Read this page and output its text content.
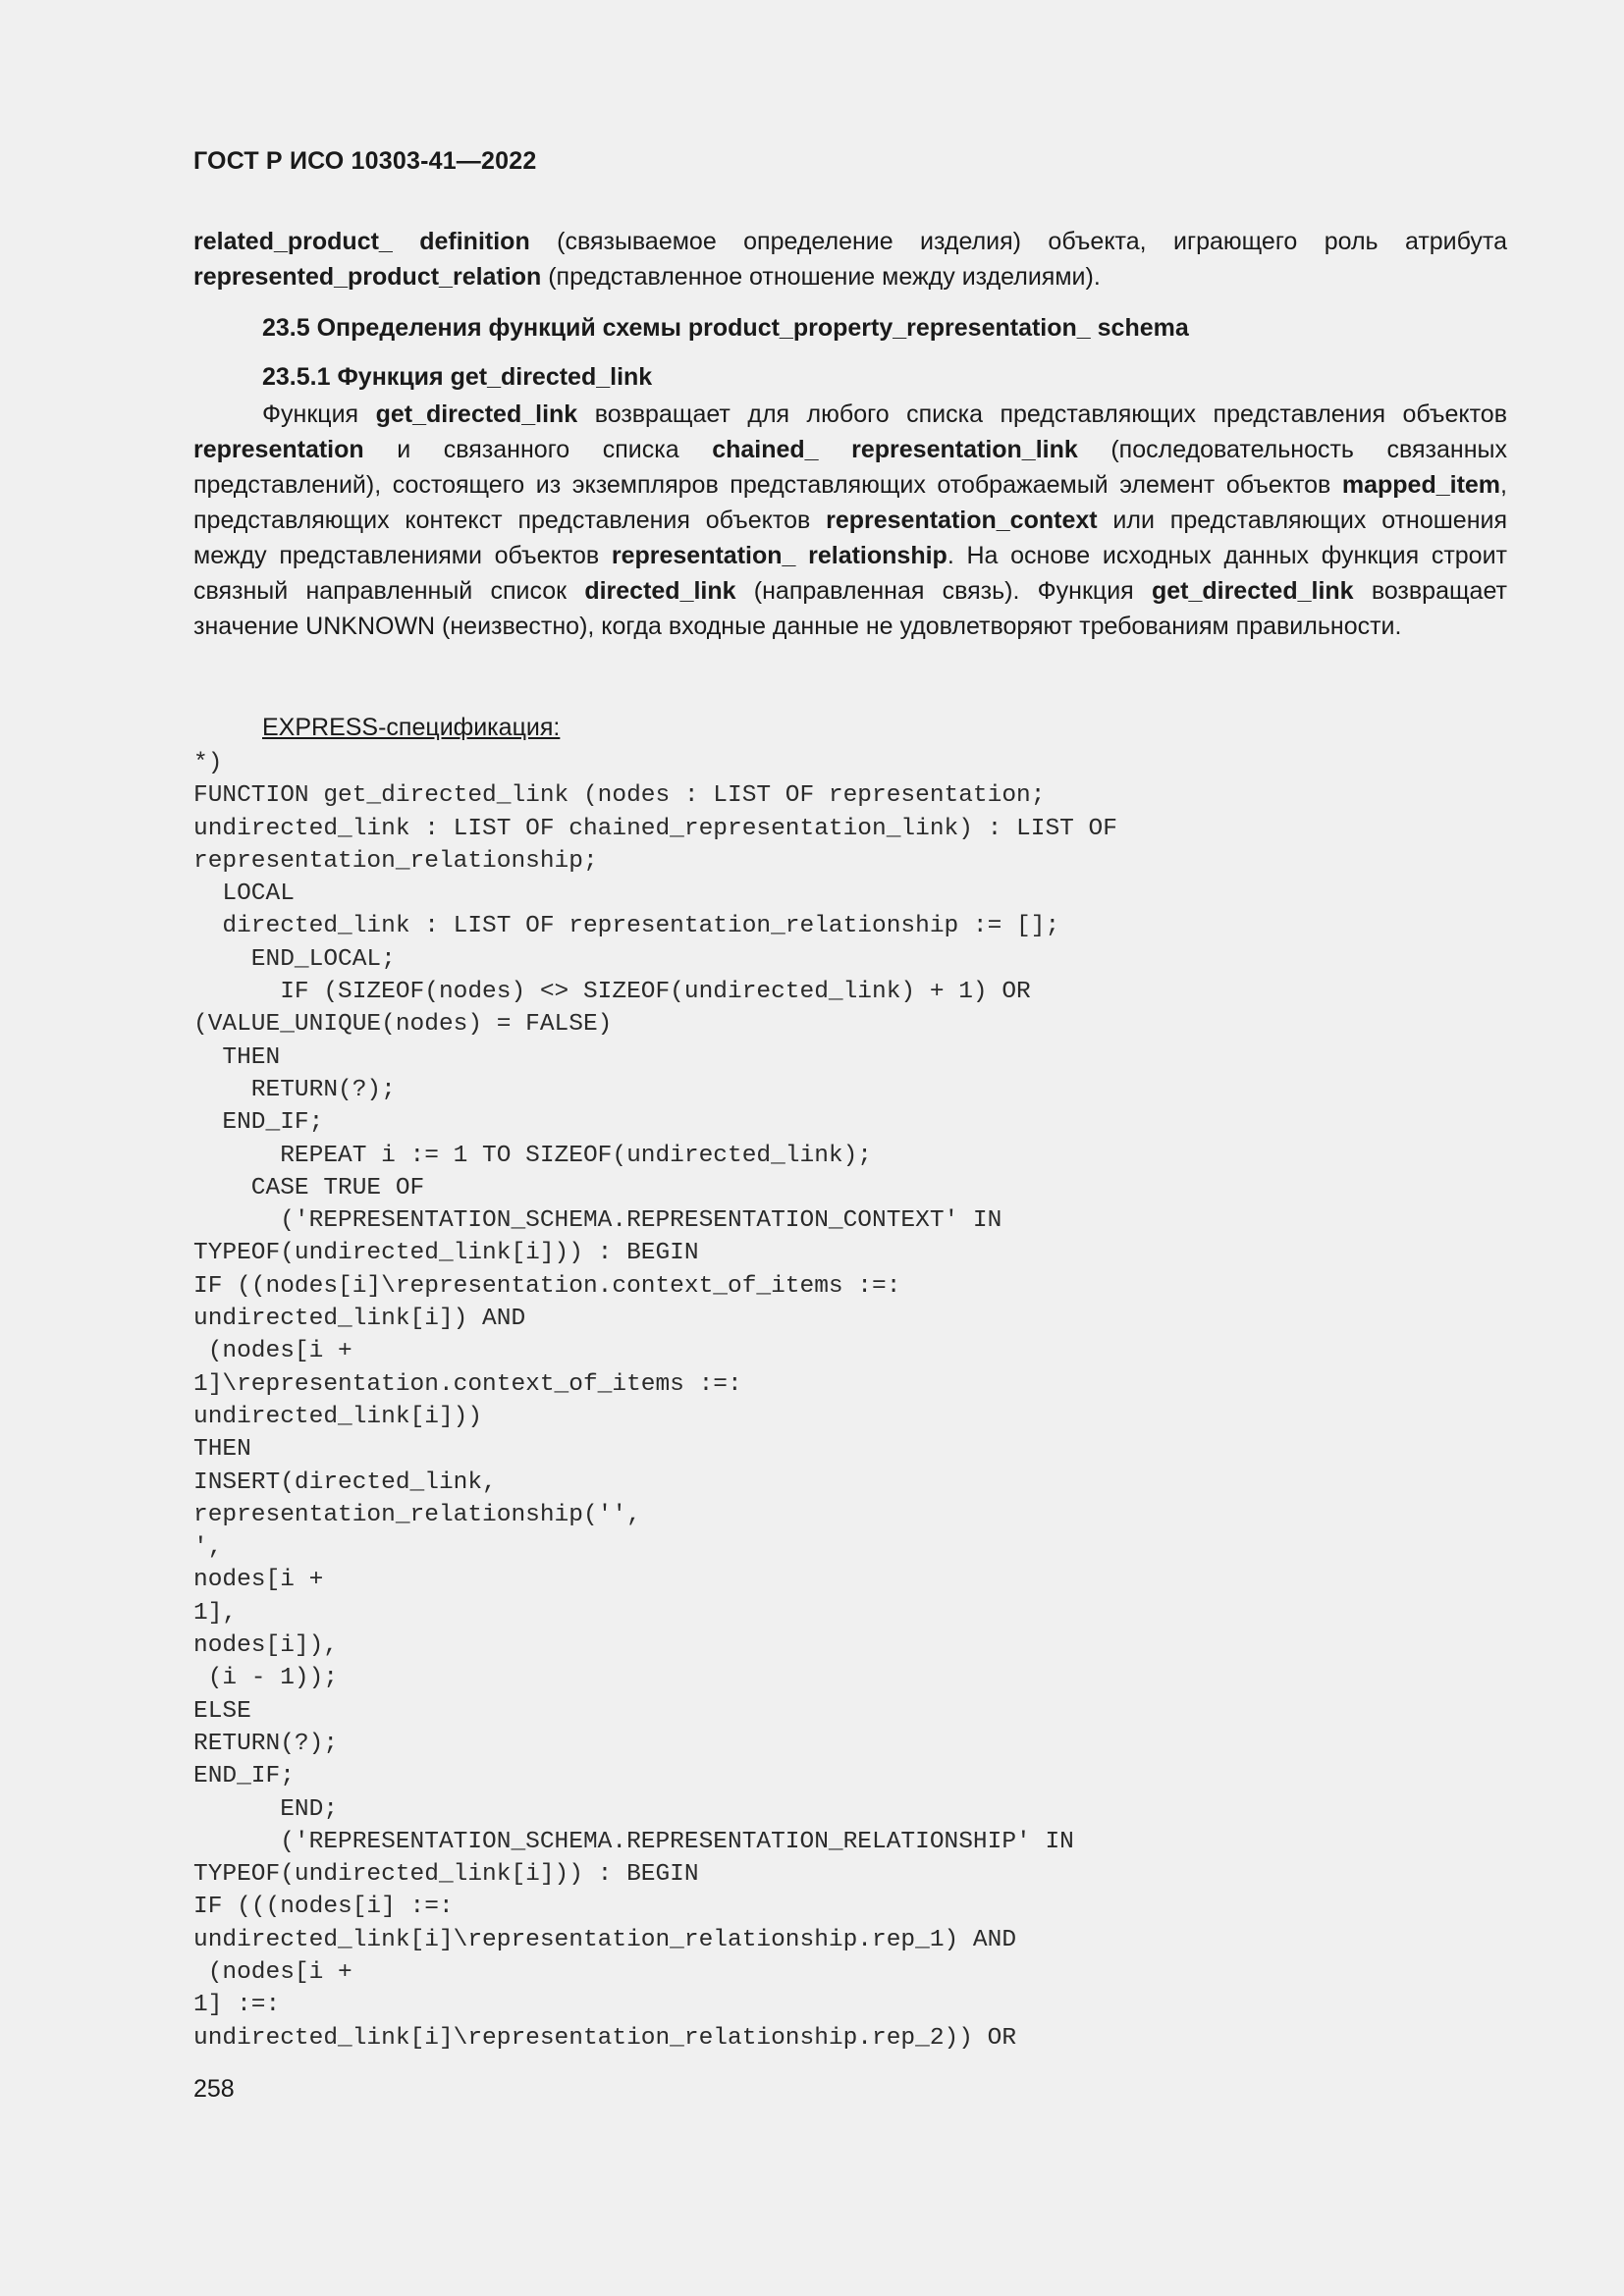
ГОСТ Р ИСО 10303-41—2022
related_product_ definition (связываемое определение изделия) объекта, играющего роль атрибута represented_product_relation (представленное отношение между изделиями).
23.5 Определения функций схемы product_property_representation_ schema
23.5.1 Функция get_directed_link
Функция get_directed_link возвращает для любого списка представляющих представления объектов representation и связанного списка chained_ representation_link (последовательность связанных представлений), состоящего из экземпляров представляющих отображаемый элемент объектов mapped_item, представляющих контекст представления объектов representation_context или представляющих отношения между представлениями объектов representation_ relationship. На основе исходных данных функция строит связный направленный список directed_link (направленная связь). Функция get_directed_link возвращает значение UNKNOWN (неизвестно), когда входные данные не удовлетворяют требованиям правильности.
EXPRESS-спецификация:
*)
FUNCTION get_directed_link (nodes : LIST OF representation;
undirected_link : LIST OF chained_representation_link) : LIST OF
representation_relationship;
LOCAL
directed_link : LIST OF representation_relationship := [];
END_LOCAL;
IF (SIZEOF(nodes) <> SIZEOF(undirected_link) + 1) OR
(VALUE_UNIQUE(nodes) = FALSE)
THEN
RETURN(?);
END_IF;
REPEAT i := 1 TO SIZEOF(undirected_link);
CASE TRUE OF
('REPRESENTATION_SCHEMA.REPRESENTATION_CONTEXT' IN
TYPEOF(undirected_link[i])) : BEGIN
IF ((nodes[i]\representation.context_of_items :=:
undirected_link[i]) AND
(nodes[i +
1]\representation.context_of_items :=:
undirected_link[i]))
THEN
INSERT(directed_link,
representation_relationship('',
',
nodes[i +
1],
nodes[i]),
(i - 1));
ELSE
RETURN(?);
END_IF;
END;
('REPRESENTATION_SCHEMA.REPRESENTATION_RELATIONSHIP' IN
TYPEOF(undirected_link[i])) : BEGIN
IF (((nodes[i] :=:
undirected_link[i]\representation_relationship.rep_1) AND
(nodes[i +
1] :=:
undirected_link[i]\representation_relationship.rep_2)) OR
258
